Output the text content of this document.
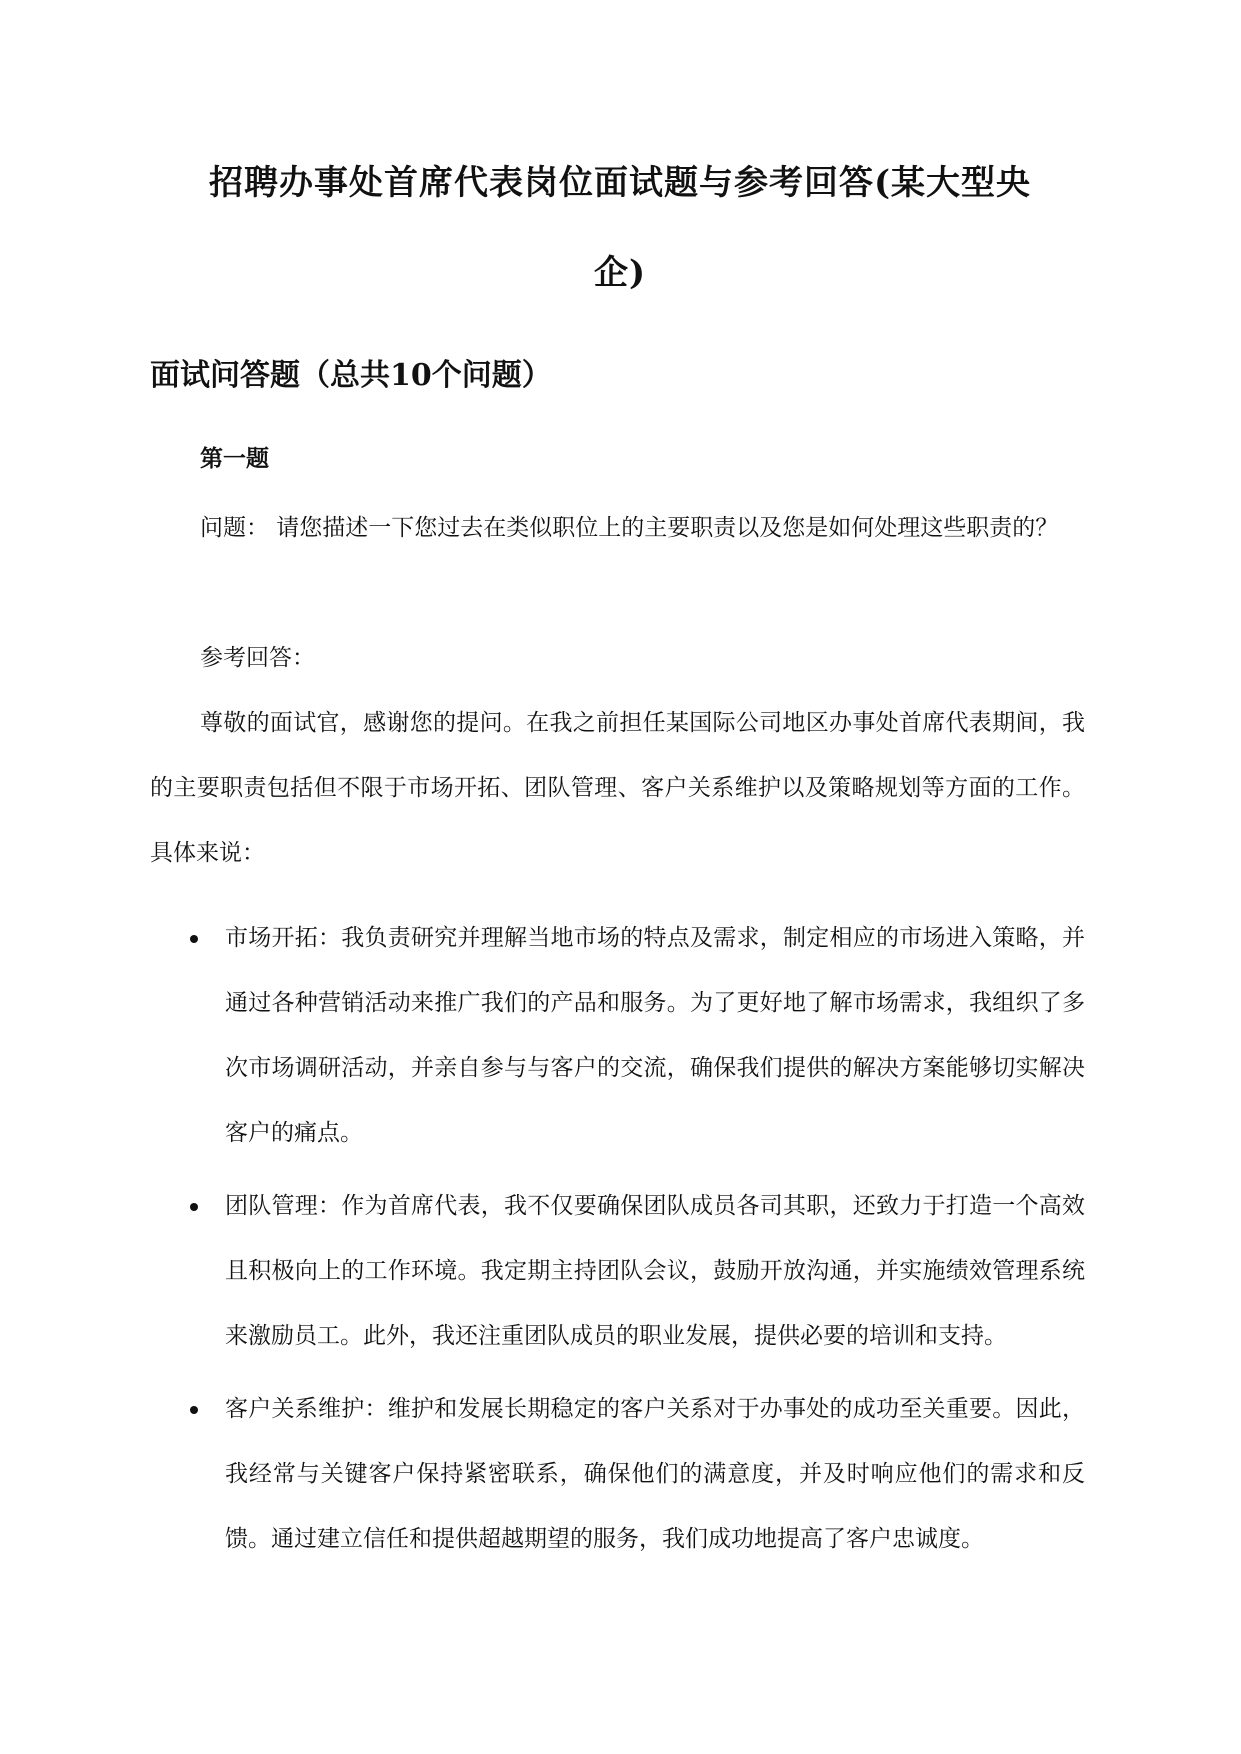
招聘办事处首席代表岗位面试题与参考回答(某大型央
企)
面试问答题（总共10个问题）
第一题

问题： 请您描述一下您过去在类似职位上的主要职责以及您是如何处理这些职责的？

参考回答：

尊敬的面试官，感谢您的提问。在我之前担任某国际公司地区办事处首席代表期间，我的主要职责包括但不限于市场开拓、团队管理、客户关系维护以及策略规划等方面的工作。具体来说：

市场开拓：我负责研究并理解当地市场的特点及需求，制定相应的市场进入策略，并通过各种营销活动来推广我们的产品和服务。为了更好地了解市场需求，我组织了多次市场调研活动，并亲自参与与客户的交流，确保我们提供的解决方案能够切实解决客户的痛点。
团队管理：作为首席代表，我不仅要确保团队成员各司其职，还致力于打造一个高效且积极向上的工作环境。我定期主持团队会议，鼓励开放沟通，并实施绩效管理系统来激励员工。此外，我还注重团队成员的职业发展，提供必要的培训和支持。
客户关系维护：维护和发展长期稳定的客户关系对于办事处的成功至关重要。因此，我经常与关键客户保持紧密联系，确保他们的满意度，并及时响应他们的需求和反馈。通过建立信任和提供超越期望的服务，我们成功地提高了客户忠诚度。
